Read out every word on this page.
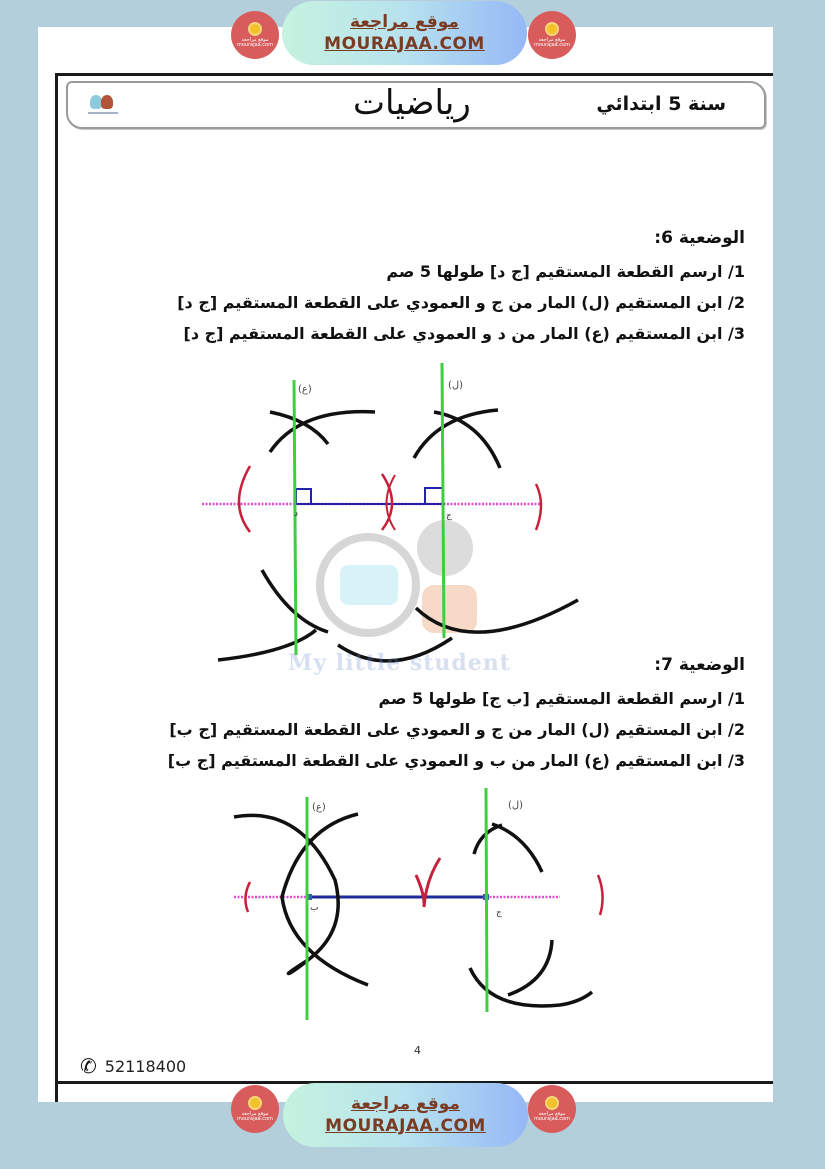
موقع مراجعة mourajaa.com
موقع مراجعة
MOURAJAA.COM	موقع مراجعة mourajaa.com
رياضيات	سنة 5 ابتدائي
الوضعية 6:
1/ ارسم القطعة المستقيم [ج د] طولها 5 صم
2/ ابن المستقيم (ل) المار من ج و العمودي على القطعة المستقيم [ج د]
3/ ابن المستقيم (ع) المار من د و العمودي على القطعة المستقيم [ج د]
(ع)	(ل)
د	ج
My little student	الوضعية 7:
1/ ارسم القطعة المستقيم [ب ج] طولها 5 صم
2/ ابن المستقيم (ل) المار من ج و العمودي على القطعة المستقيم [ج ب]
3/ ابن المستقيم (ع) المار من ب و العمودي على القطعة المستقيم [ج ب]
(ع)	(ل)
ب	ج
✆ 52118400
4
موقع مراجعة mourajaa.com
موقع مراجعة
MOURAJAA.COM
موقع مراجعة mourajaa.com
